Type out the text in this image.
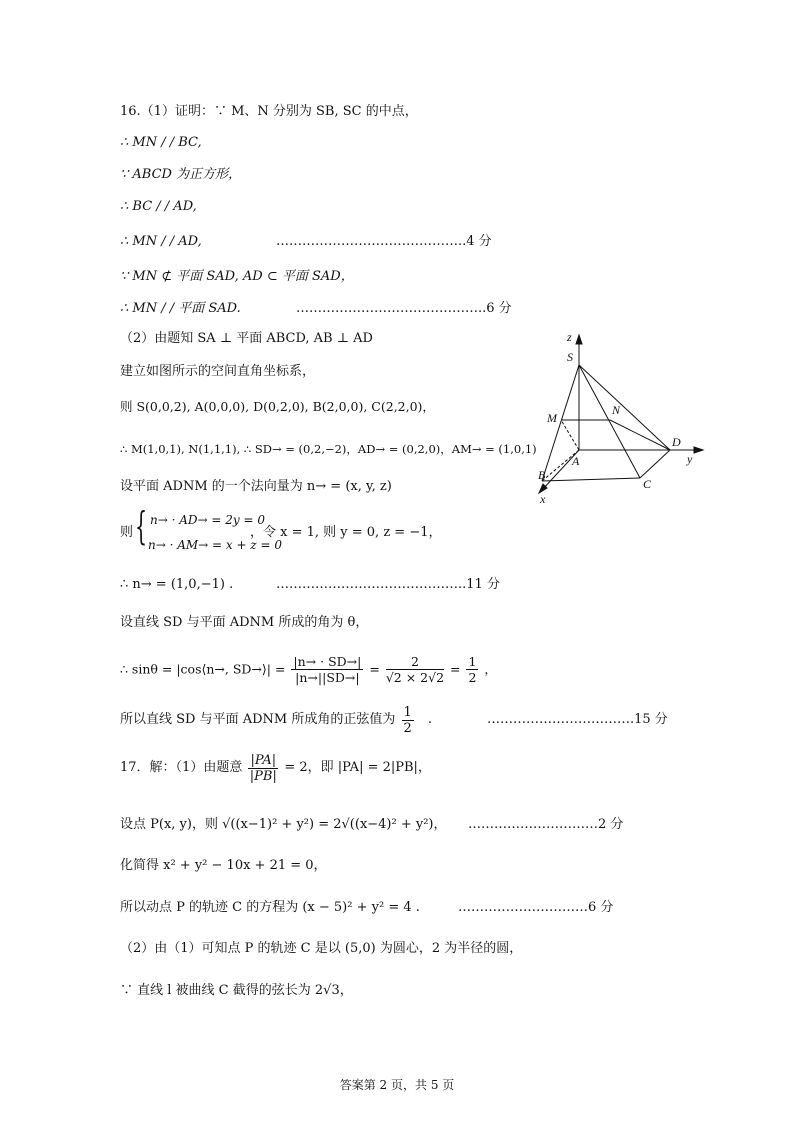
16.（1）证明：∵ M、N 分别为 SB, SC 的中点，
∴ MN / / BC,
∵ ABCD 为正方形，
∴ BC / / AD,
∴ MN / / AD,	……………………………………..4 分
∵ MN ⊄ 平面 SAD, AD ⊂ 平面 SAD，
∴ MN / / 平面 SAD.	……………………………………..6 分
（2）由题知 SA ⊥ 平面 ABCD, AB ⊥ AD
建立如图所示的空间直角坐标系，
则 S(0,0,2), A(0,0,0), D(0,2,0), B(2,0,0), C(2,2,0)，
∴ M(1,0,1), N(1,1,1), ∴ SD→ = (0,2,−2)，AD→ = (0,2,0)，AM→ = (1,0,1)
设平面 ADNM 的一个法向量为 n→ = (x, y, z)
则 { n→ · AD→ = 2y = 0
n→ · AM→ = x + z = 0
，令 x = 1, 则 y = 0, z = −1，
∴ n→ = (1,0,−1) .	……………………………………..11 分
设直线 SD 与平面 ADNM 所成的角为 θ，
∴ sinθ = |cos⟨n→, SD→⟩| = $\frac{|n\to \cdot SD\to|}{|n\to||SD\to|} = \frac{2}{√2 \times 2√2} = \frac{1}{2}$ ，
所以直线 SD 与平面 ADNM 所成角的正弦值为 $\frac{1}{2}$ .	…………………………….15 分
17．解：（1）由题意 $\frac{|PA|}{|PB|} = 2$，即 |PA| = 2|PB|，
设点 P(x, y)，则 √((x−1)² + y²) = 2√((x−4)² + y²)， …………………………2 分
化简得 x² + y² − 10x + 21 = 0，
所以动点 P 的轨迹 C 的方程为 (x − 5)² + y² = 4 .	…………………………6 分
（2）由（1）可知点 P 的轨迹 C 是以 (5,0) 为圆心，2 为半径的圆，
∵ 直线 l 被曲线 C 截得的弦长为 2√3，
z
S
M
N
D
y
A
B
C
x
答案第 2 页，共 5 页
